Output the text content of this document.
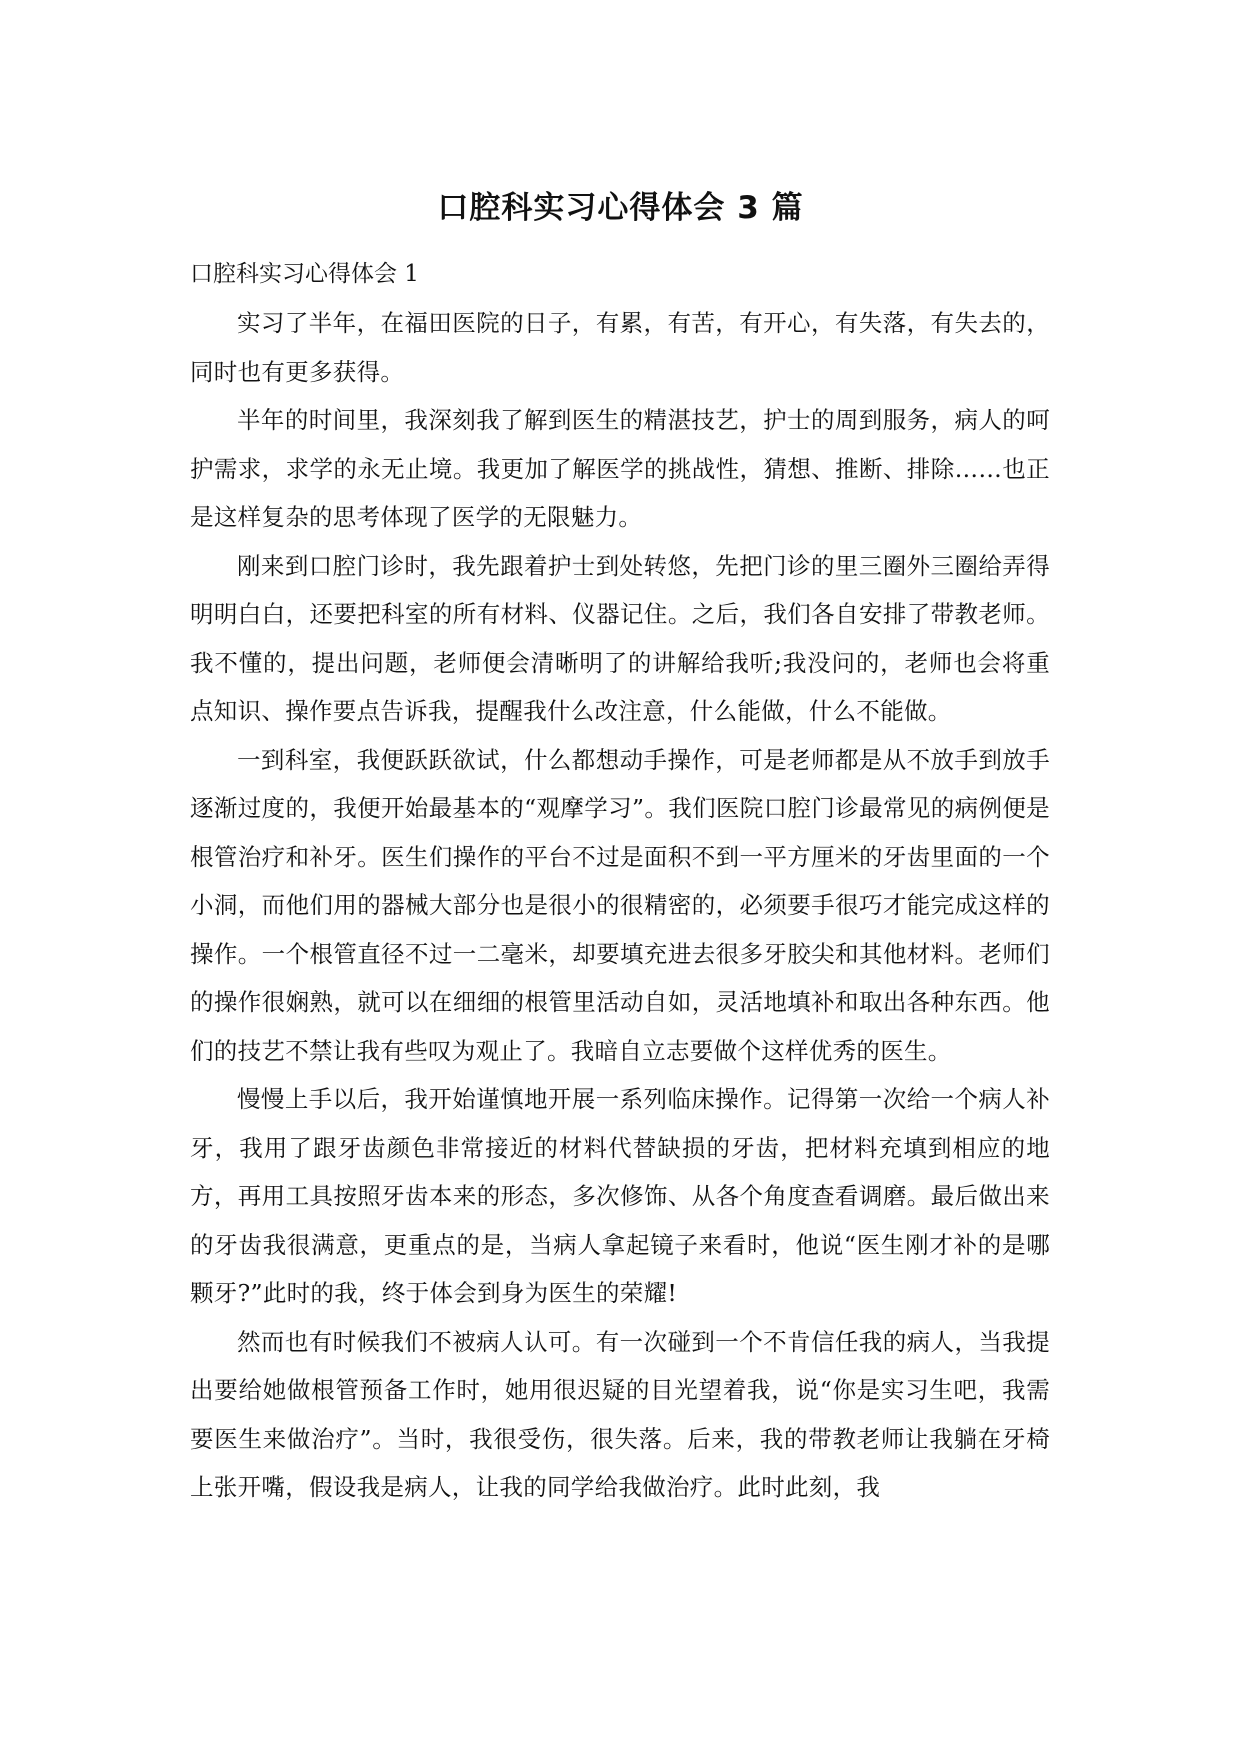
口腔科实习心得体会 3 篇

口腔科实习心得体会 1

实习了半年，在福田医院的日子，有累，有苦，有开心，有失落，有失去的，同时也有更多获得。

半年的时间里，我深刻我了解到医生的精湛技艺，护士的周到服务，病人的呵护需求，求学的永无止境。我更加了解医学的挑战性，猜想、推断、排除……也正是这样复杂的思考体现了医学的无限魅力。

刚来到口腔门诊时，我先跟着护士到处转悠，先把门诊的里三圈外三圈给弄得明明白白，还要把科室的所有材料、仪器记住。之后，我们各自安排了带教老师。我不懂的，提出问题，老师便会清晰明了的讲解给我听;我没问的，老师也会将重点知识、操作要点告诉我，提醒我什么改注意，什么能做，什么不能做。

一到科室，我便跃跃欲试，什么都想动手操作，可是老师都是从不放手到放手逐渐过度的，我便开始最基本的“观摩学习”。我们医院口腔门诊最常见的病例便是根管治疗和补牙。医生们操作的平台不过是面积不到一平方厘米的牙齿里面的一个小洞，而他们用的器械大部分也是很小的很精密的，必须要手很巧才能完成这样的操作。一个根管直径不过一二毫米，却要填充进去很多牙胶尖和其他材料。老师们的操作很娴熟，就可以在细细的根管里活动自如，灵活地填补和取出各种东西。他们的技艺不禁让我有些叹为观止了。我暗自立志要做个这样优秀的医生。

慢慢上手以后，我开始谨慎地开展一系列临床操作。记得第一次给一个病人补牙，我用了跟牙齿颜色非常接近的材料代替缺损的牙齿，把材料充填到相应的地方，再用工具按照牙齿本来的形态，多次修饰、从各个角度查看调磨。最后做出来的牙齿我很满意，更重点的是，当病人拿起镜子来看时，他说“医生刚才补的是哪颗牙?”此时的我，终于体会到身为医生的荣耀!

然而也有时候我们不被病人认可。有一次碰到一个不肯信任我的病人，当我提出要给她做根管预备工作时，她用很迟疑的目光望着我，说“你是实习生吧，我需要医生来做治疗”。当时，我很受伤，很失落。后来，我的带教老师让我躺在牙椅上张开嘴，假设我是病人，让我的同学给我做治疗。此时此刻，我
